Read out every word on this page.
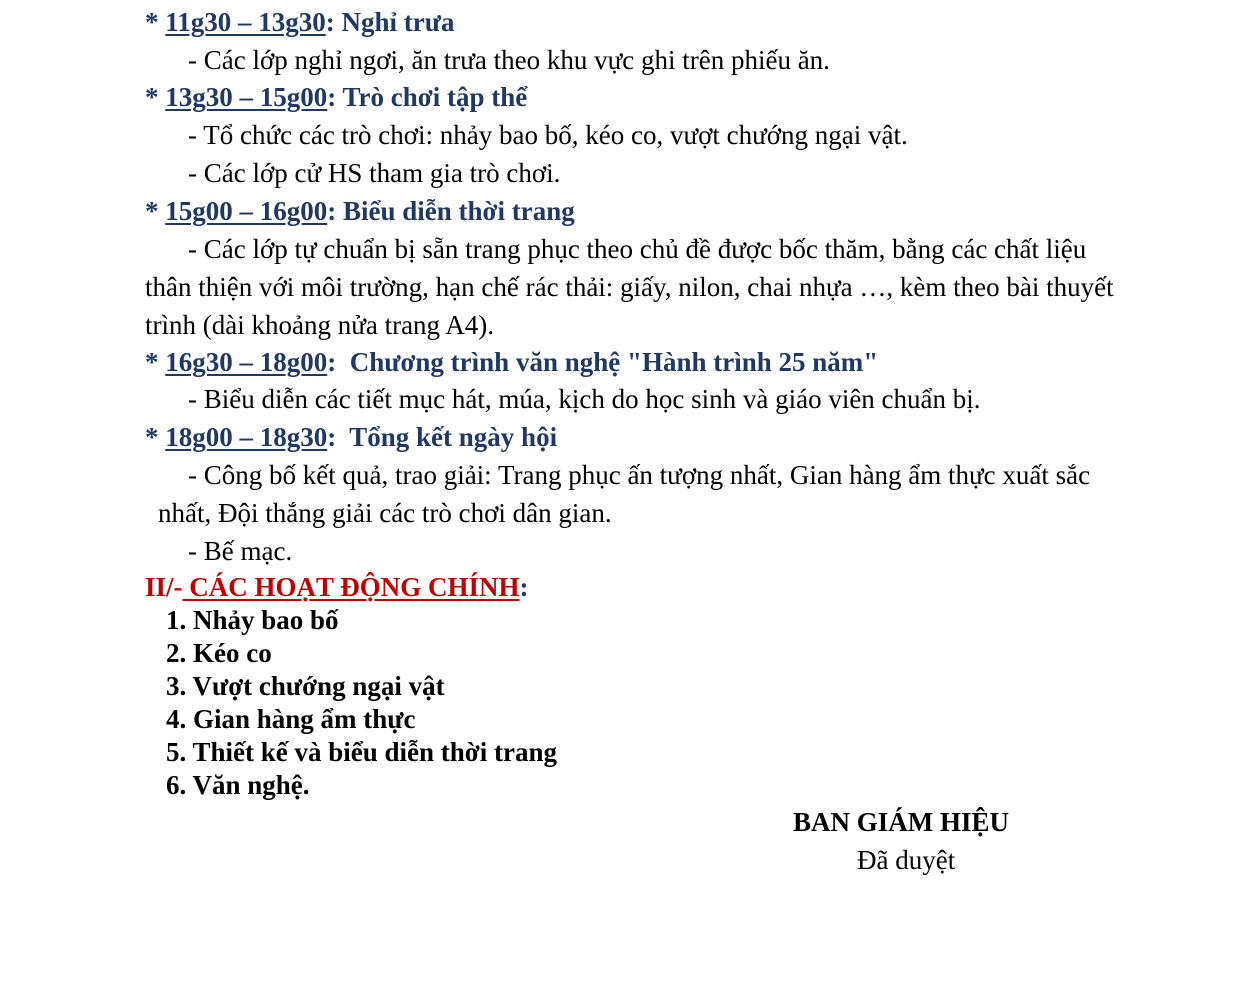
* 11g30 – 13g30: Nghỉ trưa
- Các lớp nghỉ ngơi, ăn trưa theo khu vực ghi trên phiếu ăn.
* 13g30 – 15g00: Trò chơi tập thể
- Tổ chức các trò chơi: nhảy bao bố, kéo co, vượt chướng ngại vật.
- Các lớp cử HS tham gia trò chơi.
* 15g00 – 16g00: Biểu diễn thời trang
- Các lớp tự chuẩn bị sẵn trang phục theo chủ đề được bốc thăm, bằng các chất liệu
thân thiện với môi trường, hạn chế rác thải: giấy, nilon, chai nhựa …, kèm theo bài thuyết
trình (dài khoảng nửa trang A4).
* 16g30 – 18g00:  Chương trình văn nghệ "Hành trình 25 năm"
- Biểu diễn các tiết mục hát, múa, kịch do học sinh và giáo viên chuẩn bị.
* 18g00 – 18g30:  Tổng kết ngày hội
- Công bố kết quả, trao giải: Trang phục ấn tượng nhất, Gian hàng ẩm thực xuất sắc
nhất, Đội thắng giải các trò chơi dân gian.
- Bế mạc.
II/- CÁC HOẠT ĐỘNG CHÍNH:
1. Nhảy bao bố
2. Kéo co
3. Vượt chướng ngại vật
4. Gian hàng ẩm thực
5. Thiết kế và biểu diễn thời trang
6. Văn nghệ.
BAN GIÁM HIỆU
Đã duyệt
